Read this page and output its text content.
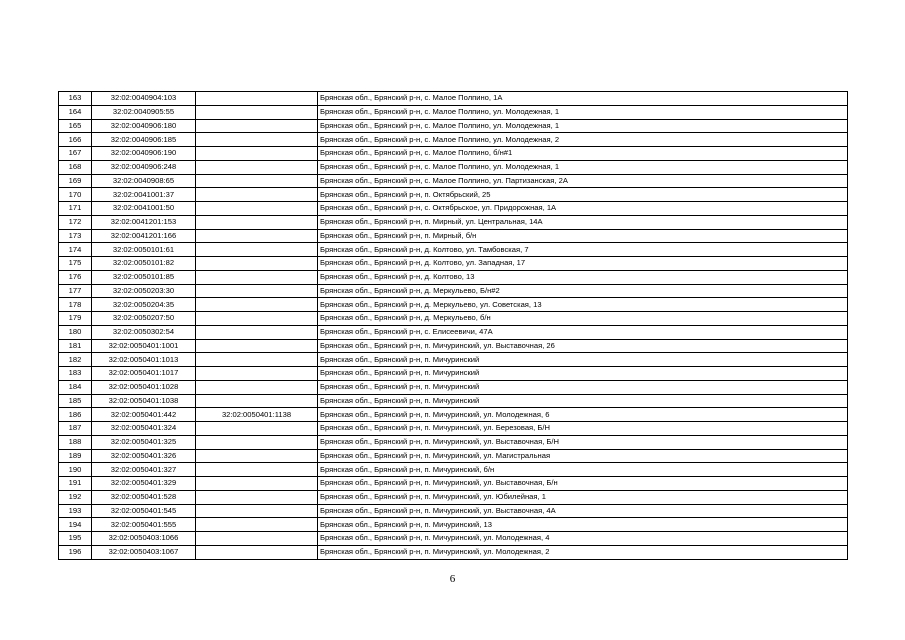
163	32:02:0040904:103		Брянская обл., Брянский р-н, с. Малое Полпино, 1А
164	32:02:0040905:55		Брянская обл., Брянский р-н, с. Малое Полпино, ул. Молодежная, 1
165	32:02:0040906:180		Брянская обл., Брянский р-н, с. Малое Полпино, ул. Молодежная, 1
166	32:02:0040906:185		Брянская обл., Брянский р-н, с. Малое Полпино, ул. Молодежная, 2
167	32:02:0040906:190		Брянская обл., Брянский р-н, с. Малое Полпино, б/н#1
168	32:02:0040906:248		Брянская обл., Брянский р-н, с. Малое Полпино, ул. Молодежная, 1
169	32:02:0040908:65		Брянская обл., Брянский р-н, с. Малое Полпино, ул. Партизанская, 2А
170	32:02:0041001:37		Брянская обл., Брянский р-н, п. Октябрьский, 25
171	32:02:0041001:50		Брянская обл., Брянский р-н, с. Октябрьское, ул. Придорожная, 1А
172	32:02:0041201:153		Брянская обл., Брянский р-н, п. Мирный, ул. Центральная, 14А
173	32:02:0041201:166		Брянская обл., Брянский р-н, п. Мирный, б/н
174	32:02:0050101:61		Брянская обл., Брянский р-н, д. Колтово, ул. Тамбовская, 7
175	32:02:0050101:82		Брянская обл., Брянский р-н, д. Колтово, ул. Западная, 17
176	32:02:0050101:85		Брянская обл., Брянский р-н, д. Колтово, 13
177	32:02:0050203:30		Брянская обл., Брянский р-н, д. Меркульево, Б/н#2
178	32:02:0050204:35		Брянская обл., Брянский р-н, д. Меркульево, ул. Советская, 13
179	32:02:0050207:50		Брянская обл., Брянский р-н, д. Меркульево, б/н
180	32:02:0050302:54		Брянская обл., Брянский р-н, с. Елисеевичи, 47А
181	32:02:0050401:1001		Брянская обл., Брянский р-н, п. Мичуринский, ул. Выставочная, 26
182	32:02:0050401:1013		Брянская обл., Брянский р-н, п. Мичуринский
183	32:02:0050401:1017		Брянская обл., Брянский р-н, п. Мичуринский
184	32:02:0050401:1028		Брянская обл., Брянский р-н, п. Мичуринский
185	32:02:0050401:1038		Брянская обл., Брянский р-н, п. Мичуринский
186	32:02:0050401:442	32:02:0050401:1138	Брянская обл., Брянский р-н, п. Мичуринский, ул. Молодежная, 6
187	32:02:0050401:324		Брянская обл., Брянский р-н, п. Мичуринский, ул. Березовая, Б/Н
188	32:02:0050401:325		Брянская обл., Брянский р-н, п. Мичуринский, ул. Выставочная, Б/Н
189	32:02:0050401:326		Брянская обл., Брянский р-н, п. Мичуринский, ул. Магистральная
190	32:02:0050401:327		Брянская обл., Брянский р-н, п. Мичуринский, б/н
191	32:02:0050401:329		Брянская обл., Брянский р-н, п. Мичуринский, ул. Выставочная, Б/н
192	32:02:0050401:528		Брянская обл., Брянский р-н, п. Мичуринский, ул. Юбилейная, 1
193	32:02:0050401:545		Брянская обл., Брянский р-н, п. Мичуринский, ул. Выставочная, 4А
194	32:02:0050401:555		Брянская обл., Брянский р-н, п. Мичуринский, 13
195	32:02:0050403:1066		Брянская обл., Брянский р-н, п. Мичуринский, ул. Молодежная, 4
196	32:02:0050403:1067		Брянская обл., Брянский р-н, п. Мичуринский, ул. Молодежная, 2
6
